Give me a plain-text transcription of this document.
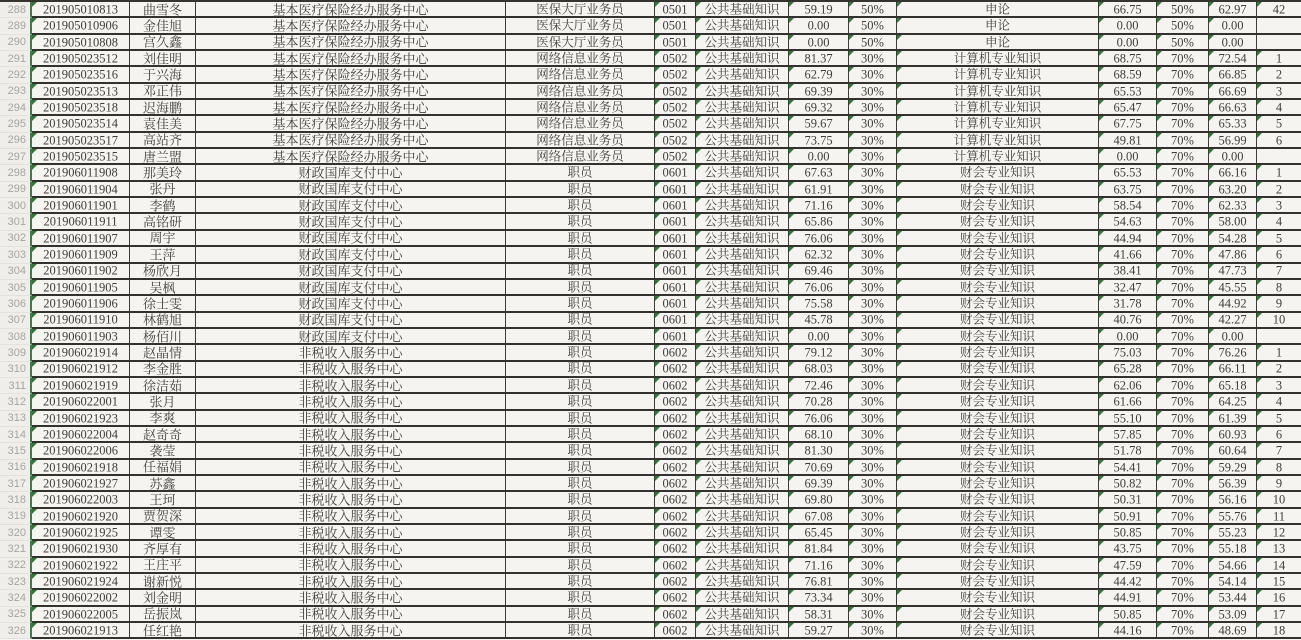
288 201905010813 曲雪冬	基本医疗保险经办服务中心	医保大厅业务员	0501 公共基础知识 59.19 50%	申论	66.75 50% 62.97 42
289 201905010906 金佳旭	基本医疗保险经办服务中心	医保大厅业务员	0501 公共基础知识 0.00	50%	申论	0.00	50% 0.00
290 201905010808 宫久鑫	基本医疗保险经办服务中心	医保大厅业务员	0501 公共基础知识 0.00	50%	申论	0.00	50% 0.00
291 201905023512 刘佳明	基本医疗保险经办服务中心	网络信息业务员	0502 公共基础知识 81.37 30%	计算机专业知识	68.75 70% 72.54 1
292 201905023516 于兴海	基本医疗保险经办服务中心	网络信息业务员	0502 公共基础知识 62.79 30%	计算机专业知识	68.59 70% 66.85 2
293 201905023513 邓正伟	基本医疗保险经办服务中心	网络信息业务员	0502 公共基础知识 69.39 30%	计算机专业知识	65.53 70% 66.69 3
294 201905023518 迟海鹏	基本医疗保险经办服务中心	网络信息业务员	0502 公共基础知识 69.32 30%	计算机专业知识	65.47 70% 66.63 4
295 201905023514 袁佳美	基本医疗保险经办服务中心	网络信息业务员	0502 公共基础知识 59.67 30%	计算机专业知识	67.75 70% 65.33 5
296 201905023517 高站齐	基本医疗保险经办服务中心	网络信息业务员	0502 公共基础知识 73.75 30%	计算机专业知识	49.81 70% 56.99 6
297 201905023515 唐兰盟	基本医疗保险经办服务中心	网络信息业务员	0502 公共基础知识 0.00	30%	计算机专业知识	0.00	70% 0.00
298 201906011908 那美玲	财政国库支付中心	职员	0601 公共基础知识 67.63 30%	财会专业知识	65.53 70% 66.16 1
299 201906011904 张丹	财政国库支付中心	职员	0601 公共基础知识 61.91 30%	财会专业知识	63.75 70% 63.20 2
300 201906011901 李鹤	财政国库支付中心	职员	0601 公共基础知识 71.16 30%	财会专业知识	58.54 70% 62.33 3
301 201906011911 高铭研	财政国库支付中心	职员	0601 公共基础知识 65.86 30%	财会专业知识	54.63 70% 58.00 4
302 201906011907 周宇	财政国库支付中心	职员	0601 公共基础知识 76.06 30%	财会专业知识	44.94 70% 54.28 5
303 201906011909 王萍	财政国库支付中心	职员	0601 公共基础知识 62.32 30%	财会专业知识	41.66 70% 47.86 6
304 201906011902 杨欣月	财政国库支付中心	职员	0601 公共基础知识 69.46 30%	财会专业知识	38.41 70% 47.73 7
305 201906011905 吴枫	财政国库支付中心	职员	0601 公共基础知识 76.06 30%	财会专业知识	32.47 70% 45.55 8
306 201906011906 徐士雯	财政国库支付中心	职员	0601 公共基础知识 75.58 30%	财会专业知识	31.78 70% 44.92 9
307 201906011910 林鹤旭	财政国库支付中心	职员	0601 公共基础知识 45.78 30%	财会专业知识	40.76 70% 42.27 10
308 201906011903 杨佰川	财政国库支付中心	职员	0601 公共基础知识 0.00	30%	财会专业知识	0.00	70% 0.00
309 201906021914 赵晶情	非税收入服务中心	职员	0602 公共基础知识 79.12 30%	财会专业知识	75.03 70% 76.26 1
310 201906021912 李金胜	非税收入服务中心	职员	0602 公共基础知识 68.03 30%	财会专业知识	65.28 70% 66.11 2
311 201906021919 徐洁茹	非税收入服务中心	职员	0602 公共基础知识 72.46 30%	财会专业知识	62.06 70% 65.18 3
312 201906022001 张月	非税收入服务中心	职员	0602 公共基础知识 70.28 30%	财会专业知识	61.66 70% 64.25 4
313 201906021923 李爽	非税收入服务中心	职员	0602 公共基础知识 76.06 30%	财会专业知识	55.10 70% 61.39 5
314 201906022004 赵奇奇	非税收入服务中心	职员	0602 公共基础知识 68.10 30%	财会专业知识	57.85 70% 60.93 6
315 201906022006 袭莹	非税收入服务中心	职员	0602 公共基础知识 81.30 30%	财会专业知识	51.78 70% 60.64 7
316 201906021918 任福娟	非税收入服务中心	职员	0602 公共基础知识 70.69 30%	财会专业知识	54.41 70% 59.29 8
317 201906021927 苏鑫	非税收入服务中心	职员	0602 公共基础知识 69.39 30%	财会专业知识	50.82 70% 56.39 9
318 201906022003 王珂	非税收入服务中心	职员	0602 公共基础知识 69.80 30%	财会专业知识	50.31 70% 56.16 10
319 201906021920 贾贺深	非税收入服务中心	职员	0602 公共基础知识 67.08 30%	财会专业知识	50.91 70% 55.76 11
320 201906021925 谭雯	非税收入服务中心	职员	0602 公共基础知识 65.45 30%	财会专业知识	50.85 70% 55.23 12
321 201906021930 齐厚有	非税收入服务中心	职员	0602 公共基础知识 81.84 30%	财会专业知识	43.75 70% 55.18 13
322 201906021922 王庄平	非税收入服务中心	职员	0602 公共基础知识 71.16 30%	财会专业知识	47.59 70% 54.66 14
323 201906021924 谢新悦	非税收入服务中心	职员	0602 公共基础知识 76.81 30%	财会专业知识	44.42 70% 54.14 15
324 201906022002 刘金明	非税收入服务中心	职员	0602 公共基础知识 73.34 30%	财会专业知识	44.91 70% 53.44 16
325 201906022005 岳振岚	非税收入服务中心	职员	0602 公共基础知识 58.31 30%	财会专业知识	50.85 70% 53.09 17
326 201906021913 任红艳	非税收入服务中心	职员	0602 公共基础知识 59.27 30%	财会专业知识	44.16 70% 48.69 18
